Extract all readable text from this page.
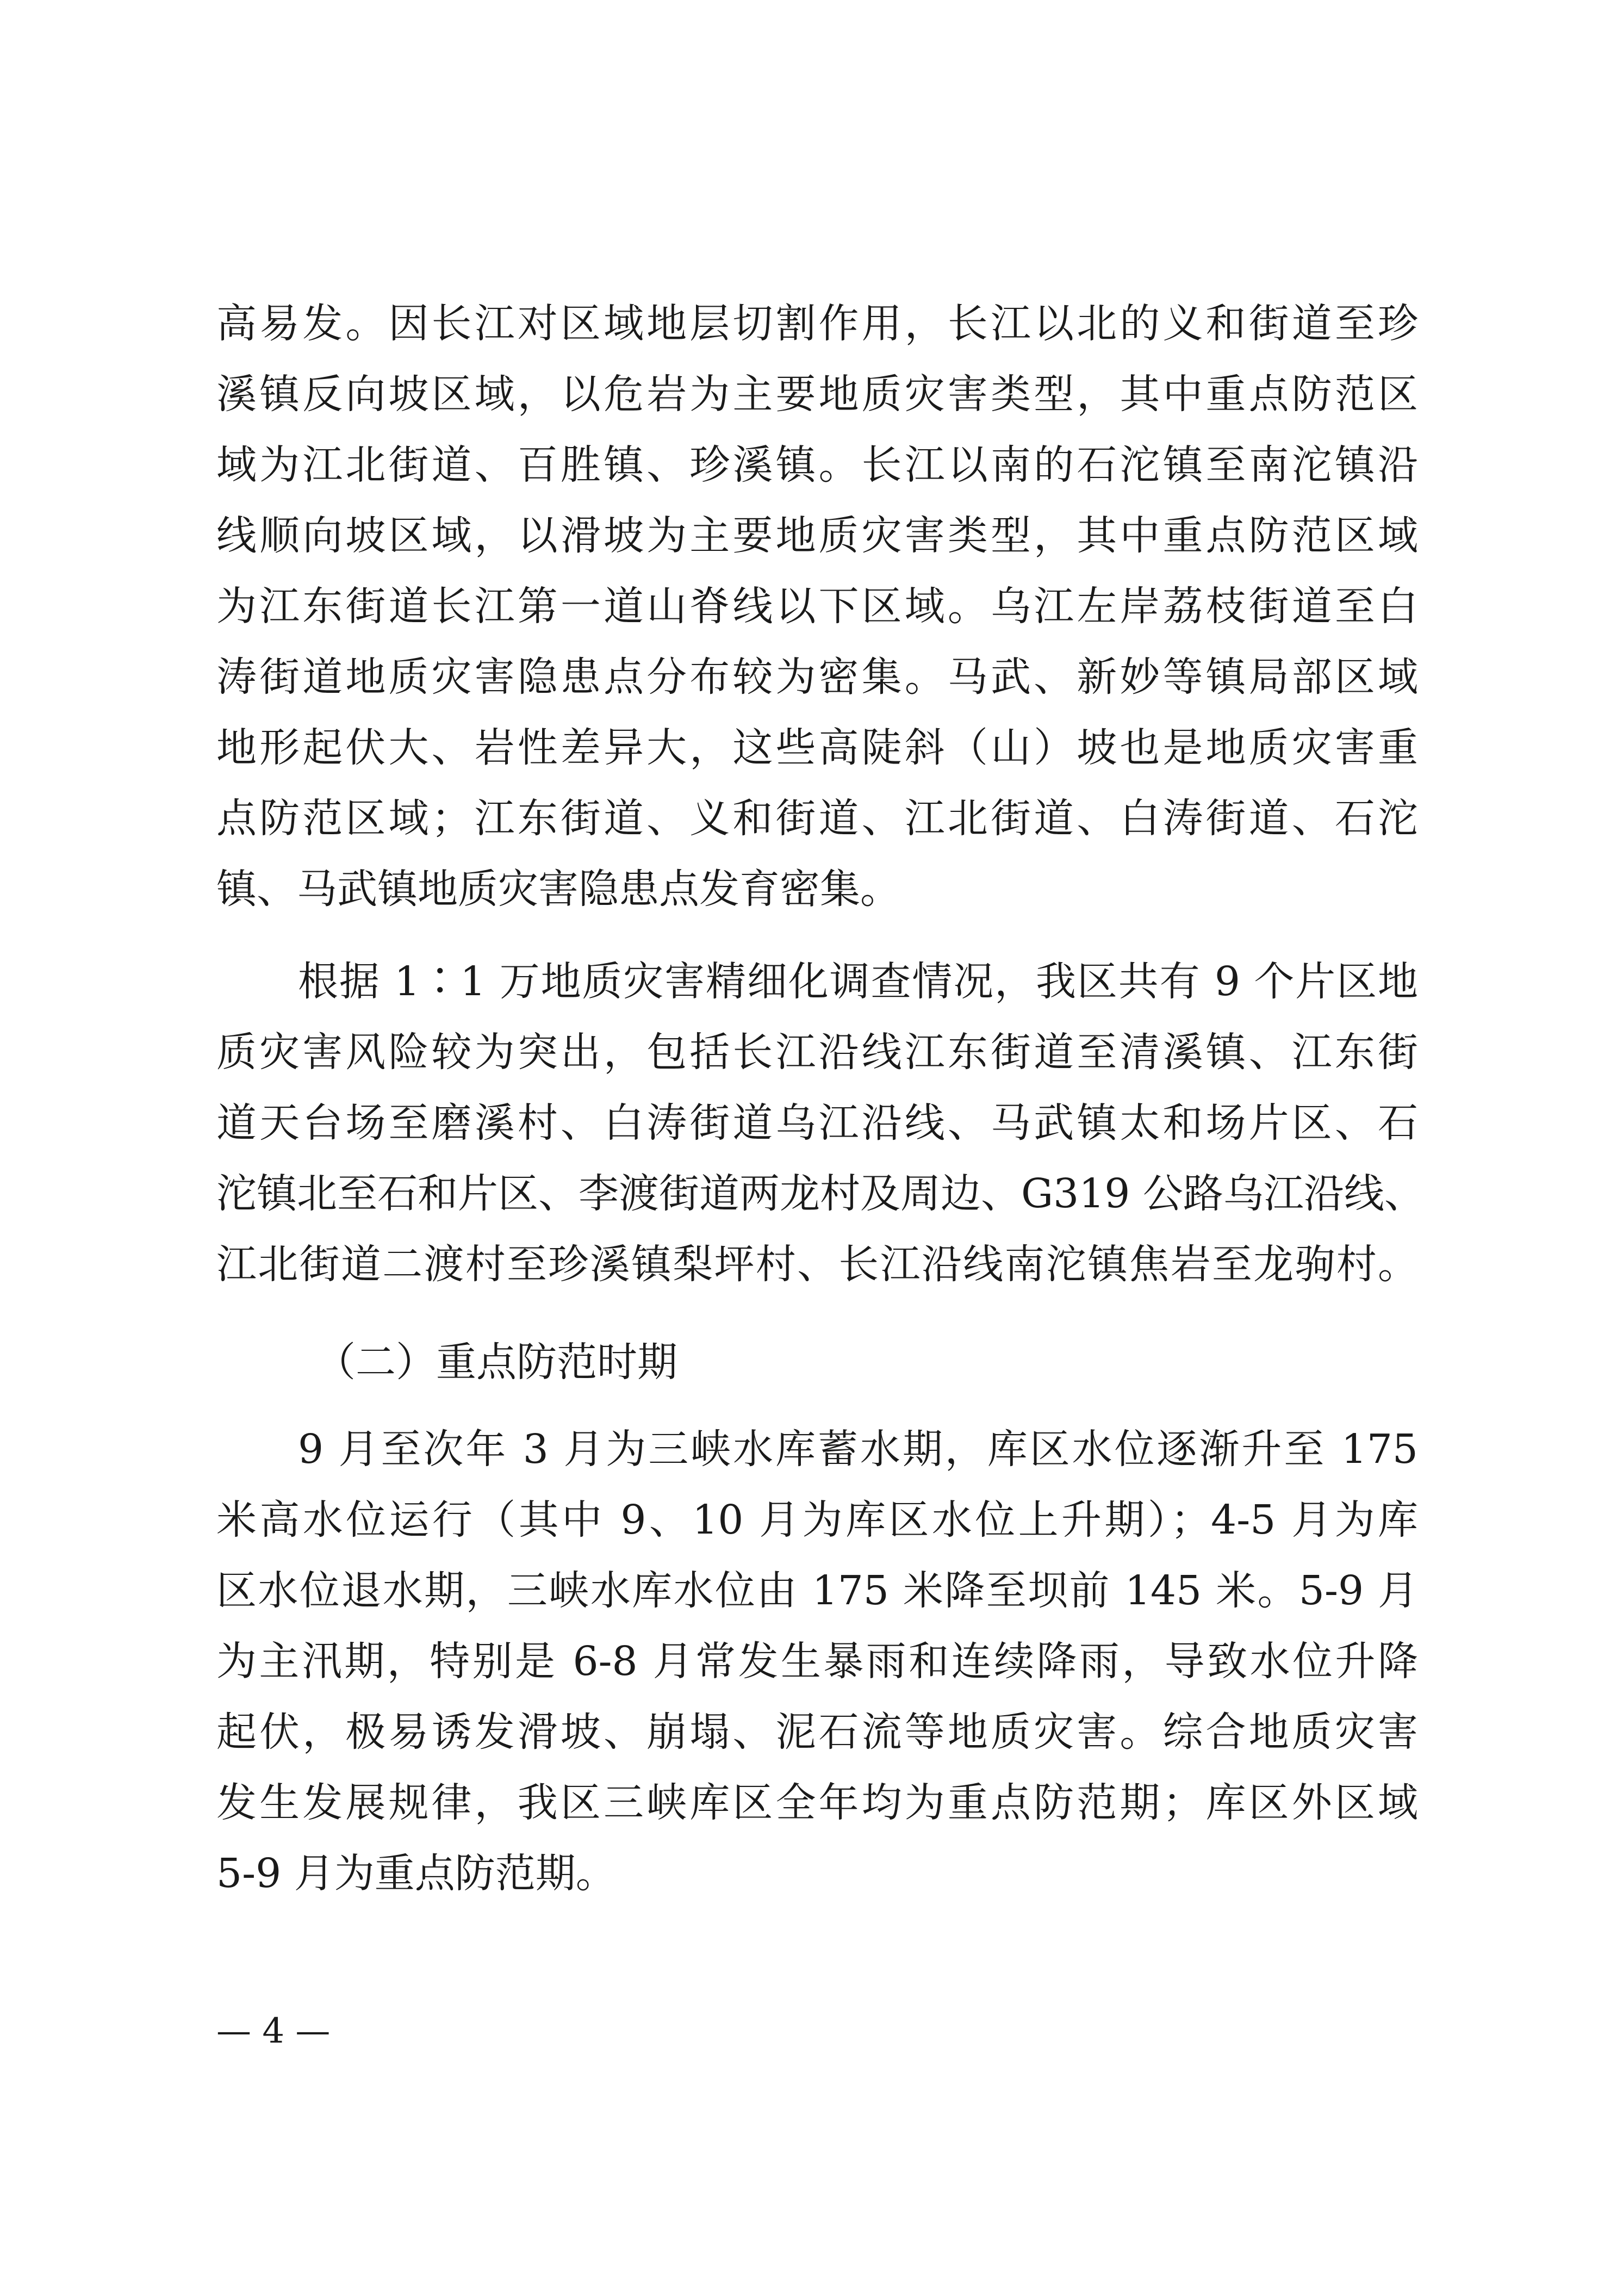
高易发。因长江对区域地层切割作用，长江以北的义和街道至珍
溪镇反向坡区域，以危岩为主要地质灾害类型，其中重点防范区
域为江北街道、百胜镇、珍溪镇。长江以南的石沱镇至南沱镇沿
线顺向坡区域，以滑坡为主要地质灾害类型，其中重点防范区域
为江东街道长江第一道山脊线以下区域。乌江左岸荔枝街道至白
涛街道地质灾害隐患点分布较为密集。马武、新妙等镇局部区域
地形起伏大、岩性差异大，这些高陡斜（山）坡也是地质灾害重
点防范区域；江东街道、义和街道、江北街道、白涛街道、石沱
镇、马武镇地质灾害隐患点发育密集。
根据 1∶1 万地质灾害精细化调查情况，我区共有 9 个片区地
质灾害风险较为突出，包括长江沿线江东街道至清溪镇、江东街
道天台场至磨溪村、白涛街道乌江沿线、马武镇太和场片区、石
沱镇北至石和片区、李渡街道两龙村及周边、G319 公路乌江沿线、
江北街道二渡村至珍溪镇梨坪村、长江沿线南沱镇焦岩至龙驹村。
（二）重点防范时期
9 月至次年 3 月为三峡水库蓄水期，库区水位逐渐升至 175
米高水位运行（其中 9、10 月为库区水位上升期）；4-5 月为库
区水位退水期，三峡水库水位由 175 米降至坝前 145 米。5-9 月
为主汛期，特别是 6-8 月常发生暴雨和连续降雨，导致水位升降
起伏，极易诱发滑坡、崩塌、泥石流等地质灾害。综合地质灾害
发生发展规律，我区三峡库区全年均为重点防范期；库区外区域
5-9 月为重点防范期。
— 4 —
